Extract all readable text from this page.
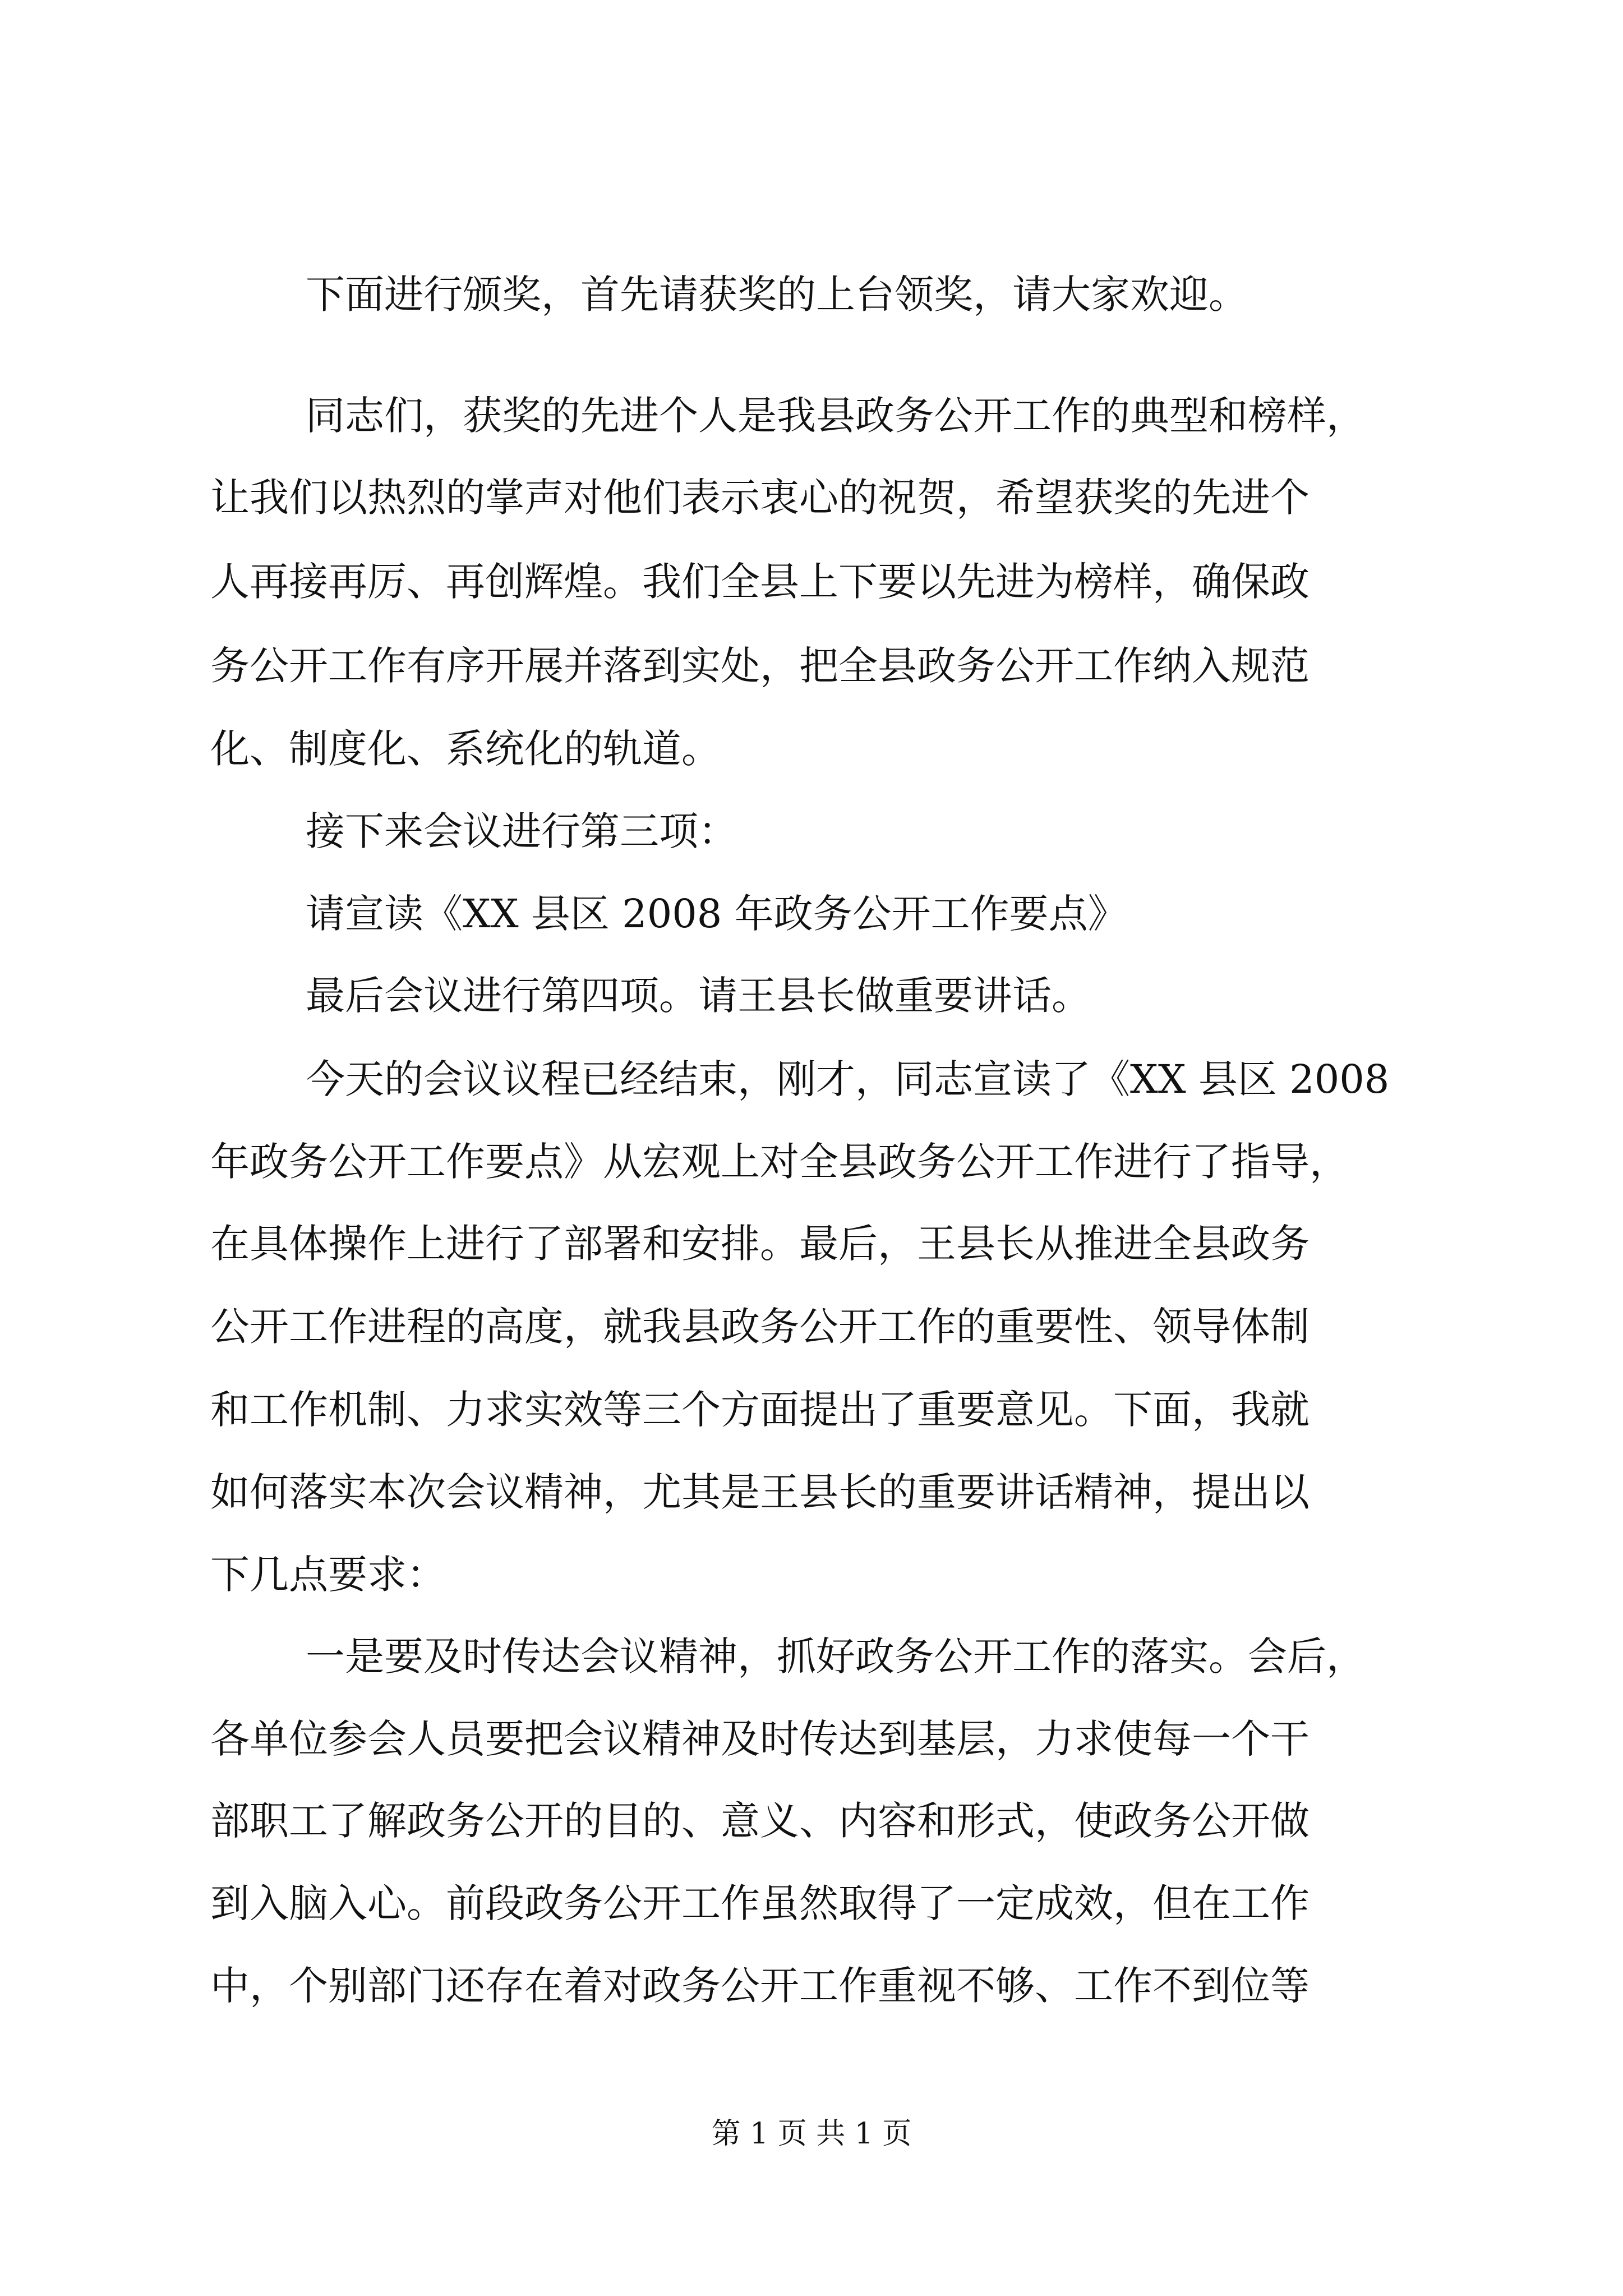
下面进行颁奖，首先请获奖的上台领奖，请大家欢迎。
同志们，获奖的先进个人是我县政务公开工作的典型和榜样，
让我们以热烈的掌声对他们表示衷心的祝贺，希望获奖的先进个
人再接再厉、再创辉煌。我们全县上下要以先进为榜样，确保政
务公开工作有序开展并落到实处，把全县政务公开工作纳入规范
化、制度化、系统化的轨道。
接下来会议进行第三项：
请宣读《XX 县区 2008 年政务公开工作要点》
最后会议进行第四项。请王县长做重要讲话。
今天的会议议程已经结束，刚才，同志宣读了《XX 县区 2008
年政务公开工作要点》从宏观上对全县政务公开工作进行了指导，
在具体操作上进行了部署和安排。最后，王县长从推进全县政务
公开工作进程的高度，就我县政务公开工作的重要性、领导体制
和工作机制、力求实效等三个方面提出了重要意见。下面，我就
如何落实本次会议精神，尤其是王县长的重要讲话精神，提出以
下几点要求：
一是要及时传达会议精神，抓好政务公开工作的落实。会后，
各单位参会人员要把会议精神及时传达到基层，力求使每一个干
部职工了解政务公开的目的、意义、内容和形式，使政务公开做
到入脑入心。前段政务公开工作虽然取得了一定成效，但在工作
中，个别部门还存在着对政务公开工作重视不够、工作不到位等
第 1 页 共 1 页
